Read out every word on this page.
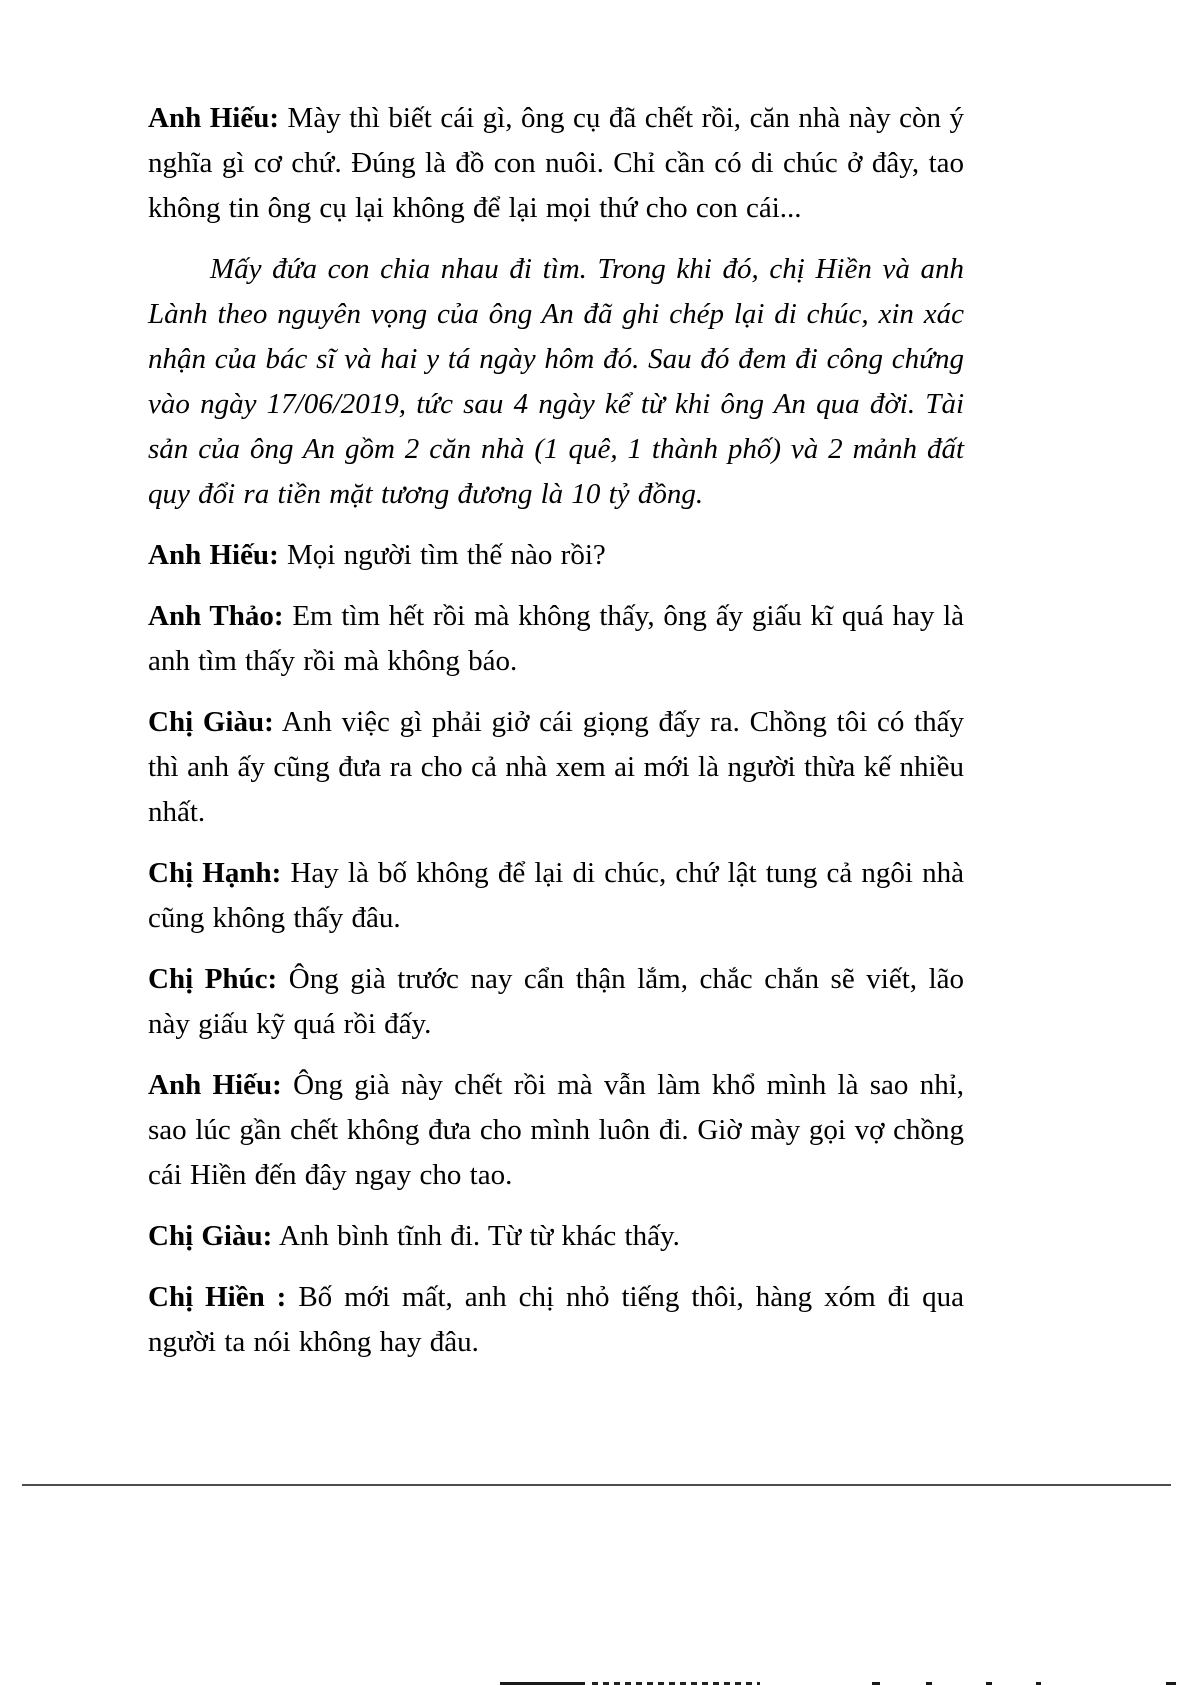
Anh Hiếu: Mày thì biết cái gì, ông cụ đã chết rồi, căn nhà này còn ý nghĩa gì cơ chứ. Đúng là đồ con nuôi. Chỉ cần có di chúc ở đây, tao không tin ông cụ lại không để lại mọi thứ cho con cái...

Mấy đứa con chia nhau đi tìm. Trong khi đó, chị Hiền và anh Lành theo nguyên vọng của ông An đã ghi chép lại di chúc, xin xác nhận của bác sĩ và hai y tá ngày hôm đó. Sau đó đem đi công chứng vào ngày 17/06/2019, tức sau 4 ngày kể từ khi ông An qua đời. Tài sản của ông An gồm 2 căn nhà (1 quê, 1 thành phố) và 2 mảnh đất quy đổi ra tiền mặt tương đương là 10 tỷ đồng.

Anh Hiếu: Mọi người tìm thế nào rồi?

Anh Thảo: Em tìm hết rồi mà không thấy, ông ấy giấu kĩ quá hay là anh tìm thấy rồi mà không báo.

Chị Giàu: Anh việc gì phải giở cái giọng đấy ra. Chồng tôi có thấy thì anh ấy cũng đưa ra cho cả nhà xem ai mới là người thừa kế nhiều nhất.

Chị Hạnh: Hay là bố không để lại di chúc, chứ lật tung cả ngôi nhà cũng không thấy đâu.

Chị Phúc: Ông già trước nay cẩn thận lắm, chắc chắn sẽ viết, lão này giấu kỹ quá rồi đấy.

Anh Hiếu: Ông già này chết rồi mà vẫn làm khổ mình là sao nhỉ, sao lúc gần chết không đưa cho mình luôn đi. Giờ mày gọi vợ chồng cái Hiền đến đây ngay cho tao.

Chị Giàu: Anh bình tĩnh đi. Từ từ khác thấy.

Chị Hiền : Bố mới mất, anh chị nhỏ tiếng thôi, hàng xóm đi qua người ta nói không hay đâu.
